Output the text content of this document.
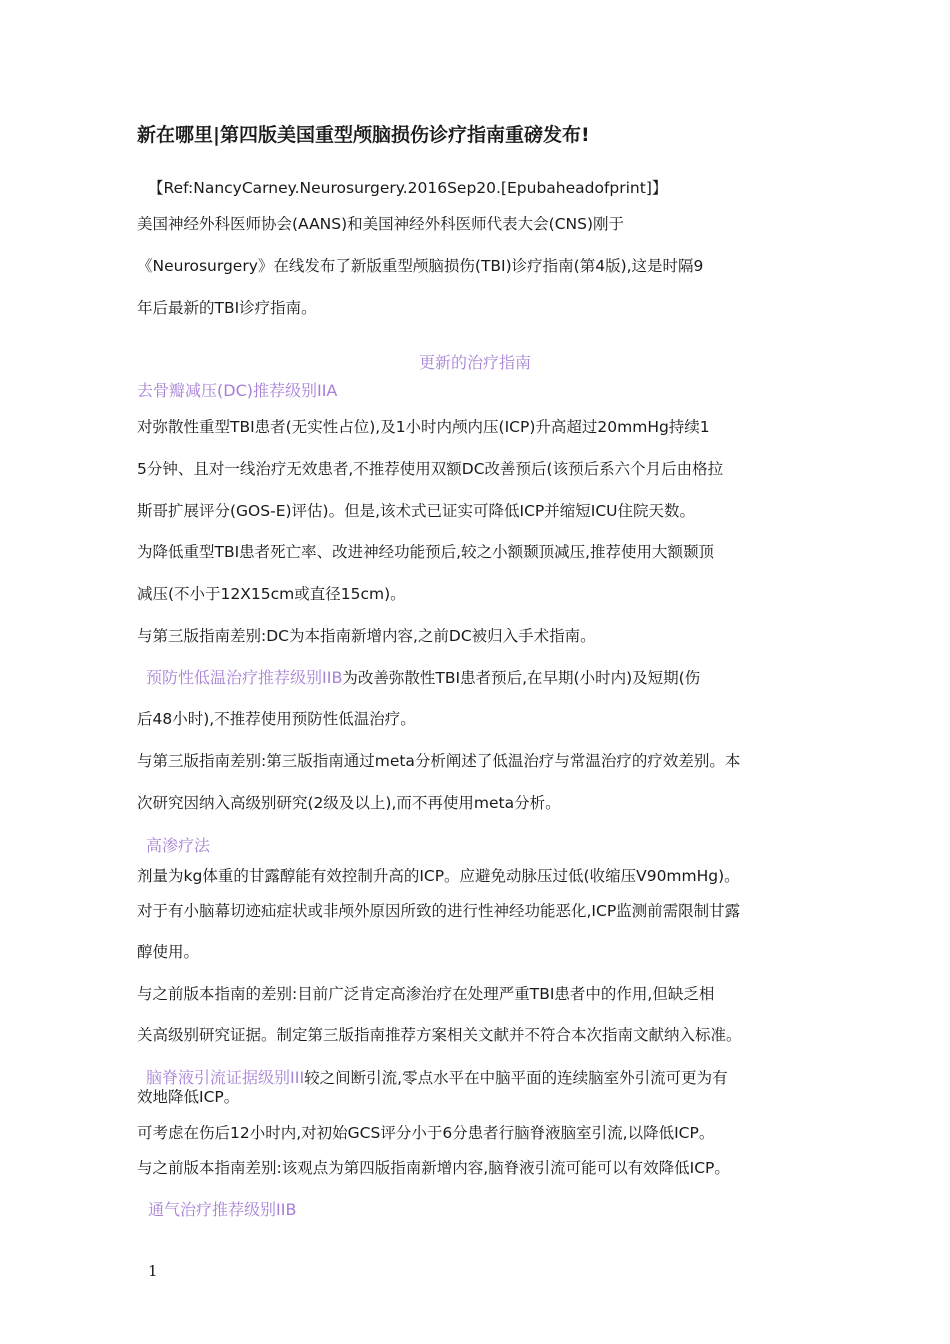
新在哪里|第四版美国重型颅脑损伤诊疗指南重磅发布!
【Ref:NancyCarney.Neurosurgery.2016Sep20.[Epubaheadofprint]】
美国神经外科医师协会(AANS)和美国神经外科医师代表大会(CNS)刚于
《Neurosurgery》在线发布了新版重型颅脑损伤(TBI)诊疗指南(第4版),这是时隔9
年后最新的TBI诊疗指南。
更新的治疗指南
去骨瓣减压(DC)推荐级别IIA
对弥散性重型TBI患者(无实性占位),及1小时内颅内压(ICP)升高超过20mmHg持续1
5分钟、且对一线治疗无效患者,不推荐使用双额DC改善预后(该预后系六个月后由格拉
斯哥扩展评分(GOS-E)评估)。但是,该术式已证实可降低ICP并缩短ICU住院天数。
为降低重型TBI患者死亡率、改进神经功能预后,较之小额颞顶减压,推荐使用大额颞顶
减压(不小于12X15cm或直径15cm)。
与第三版指南差别:DC为本指南新增内容,之前DC被归入手术指南。
预防性低温治疗推荐级别IIB为改善弥散性TBI患者预后,在早期(小时内)及短期(伤
后48小时),不推荐使用预防性低温治疗。
与第三版指南差别:第三版指南通过meta分析阐述了低温治疗与常温治疗的疗效差别。本
次研究因纳入高级别研究(2级及以上),而不再使用meta分析。
高渗疗法
剂量为kg体重的甘露醇能有效控制升高的ICP。应避免动脉压过低(收缩压V90mmHg)。
对于有小脑幕切迹疝症状或非颅外原因所致的进行性神经功能恶化,ICP监测前需限制甘露
醇使用。
与之前版本指南的差别:目前广泛肯定高渗治疗在处理严重TBI患者中的作用,但缺乏相
关高级别研究证据。制定第三版指南推荐方案相关文献并不符合本次指南文献纳入标准。
脑脊液引流证据级别III较之间断引流,零点水平在中脑平面的连续脑室外引流可更为有
效地降低ICP。
可考虑在伤后12小时内,对初始GCS评分小于6分患者行脑脊液脑室引流,以降低ICP。
与之前版本指南差别:该观点为第四版指南新增内容,脑脊液引流可能可以有效降低ICP。
通气治疗推荐级别IIB
1
